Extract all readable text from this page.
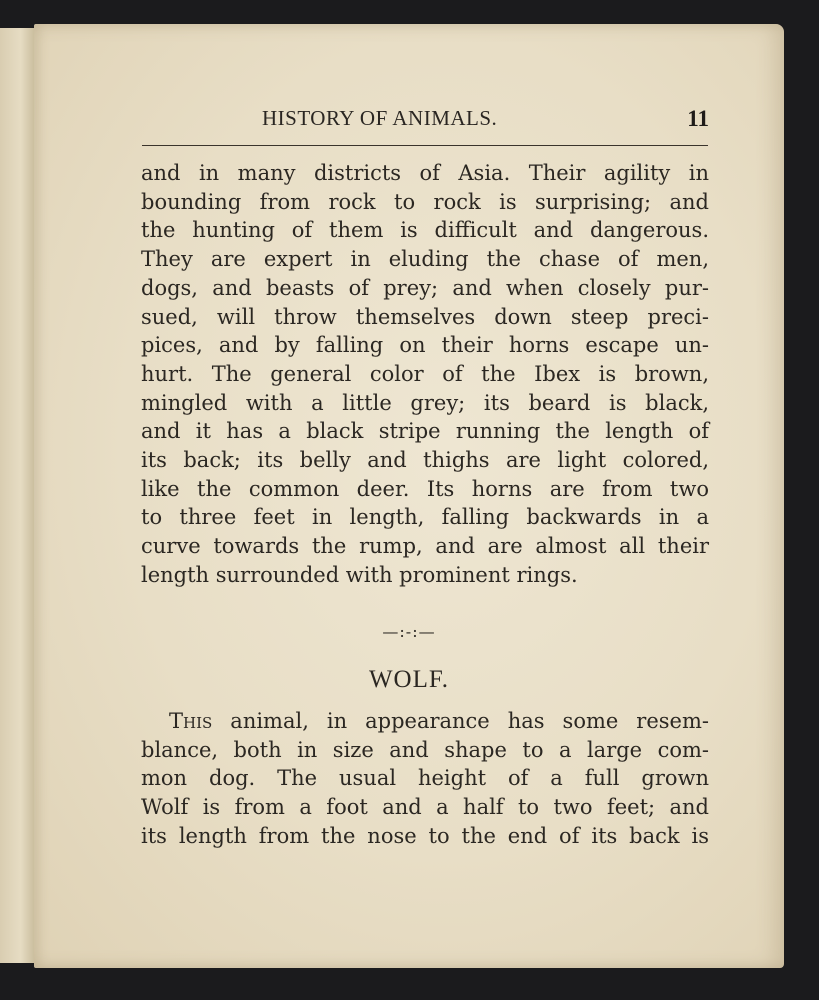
HISTORY OF ANIMALS.	11
and in many districts of Asia. Their agility in
bounding from rock to rock is surprising; and
the hunting of them is difficult and dangerous.
They are expert in eluding the chase of men,
dogs, and beasts of prey; and when closely pur-
sued, will throw themselves down steep preci-
pices, and by falling on their horns escape un-
hurt. The general color of the Ibex is brown,
mingled with a little grey; its beard is black,
and it has a black stripe running the length of
its back; its belly and thighs are light colored,
like the common deer. Its horns are from two
to three feet in length, falling backwards in a
curve towards the rump, and are almost all their
length surrounded with prominent rings.
—:-:—
WOLF.
This animal, in appearance has some resem-
blance, both in size and shape to a large com-
mon dog. The usual height of a full grown
Wolf is from a foot and a half to two feet; and
its length from the nose to the end of its back is
